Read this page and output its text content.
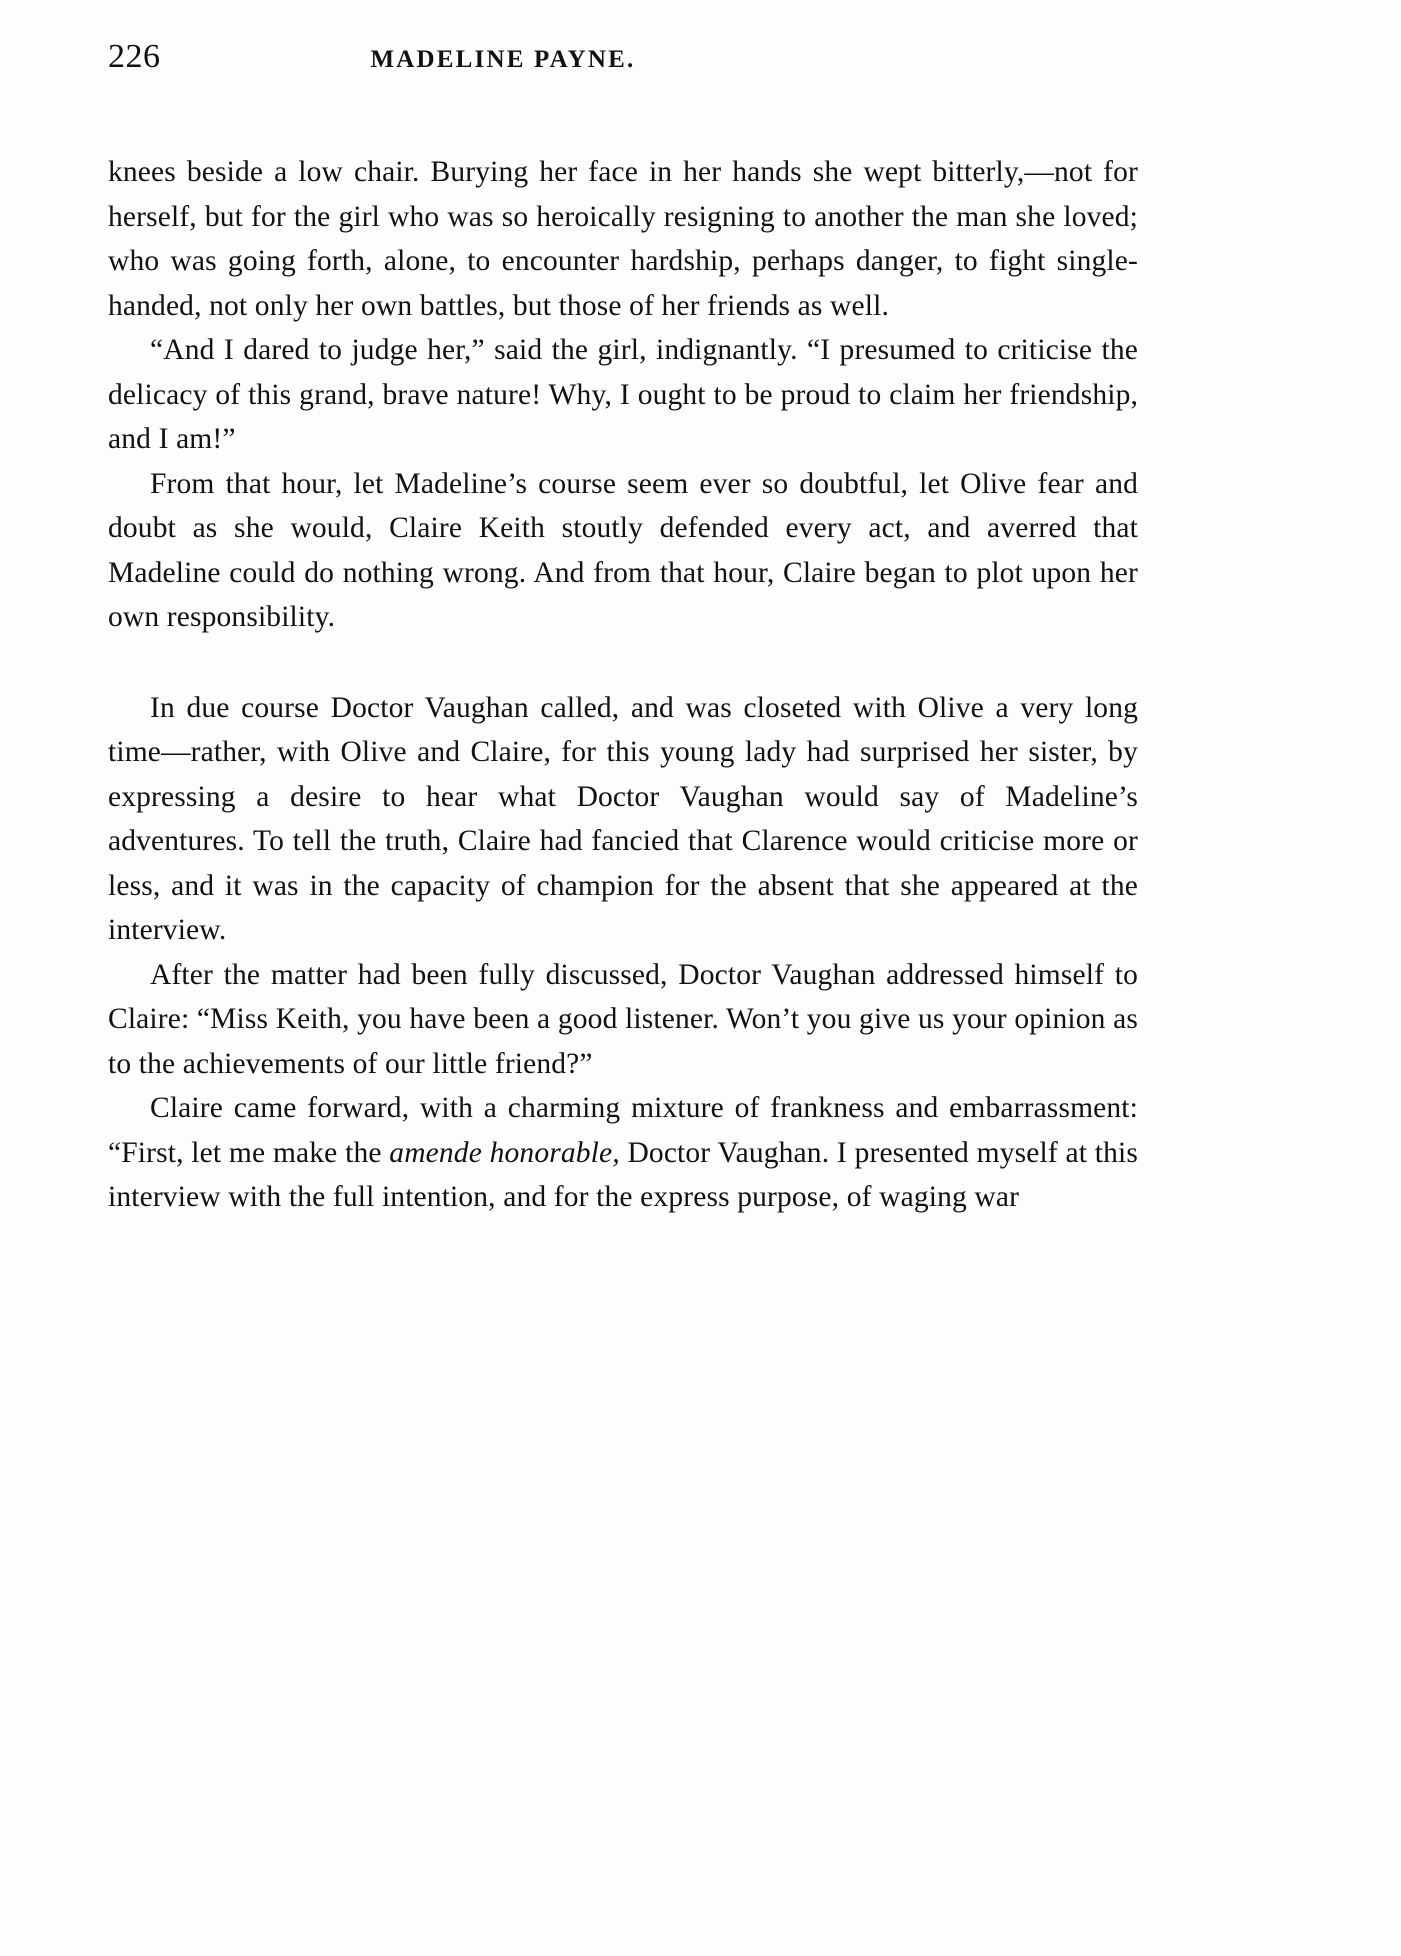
226	MADELINE PAYNE.

knees beside a low chair. Burying her face in her hands she wept bitterly,—not for herself, but for the girl who was so heroically resigning to another the man she loved; who was going forth, alone, to encounter hardship, perhaps danger, to fight single-handed, not only her own battles, but those of her friends as well.

“And I dared to judge her,” said the girl, indignantly. “I presumed to criticise the delicacy of this grand, brave nature! Why, I ought to be proud to claim her friendship, and I am!”

From that hour, let Madeline’s course seem ever so doubtful, let Olive fear and doubt as she would, Claire Keith stoutly defended every act, and averred that Madeline could do nothing wrong. And from that hour, Claire began to plot upon her own responsibility.

In due course Doctor Vaughan called, and was closeted with Olive a very long time—rather, with Olive and Claire, for this young lady had surprised her sister, by expressing a desire to hear what Doctor Vaughan would say of Madeline’s adventures. To tell the truth, Claire had fancied that Clarence would criticise more or less, and it was in the capacity of champion for the absent that she appeared at the interview.

After the matter had been fully discussed, Doctor Vaughan addressed himself to Claire: “Miss Keith, you have been a good listener. Won’t you give us your opinion as to the achievements of our little friend?”

Claire came forward, with a charming mixture of frankness and embarrassment: “First, let me make the amende honorable, Doctor Vaughan. I presented myself at this interview with the full intention, and for the express purpose, of waging war
